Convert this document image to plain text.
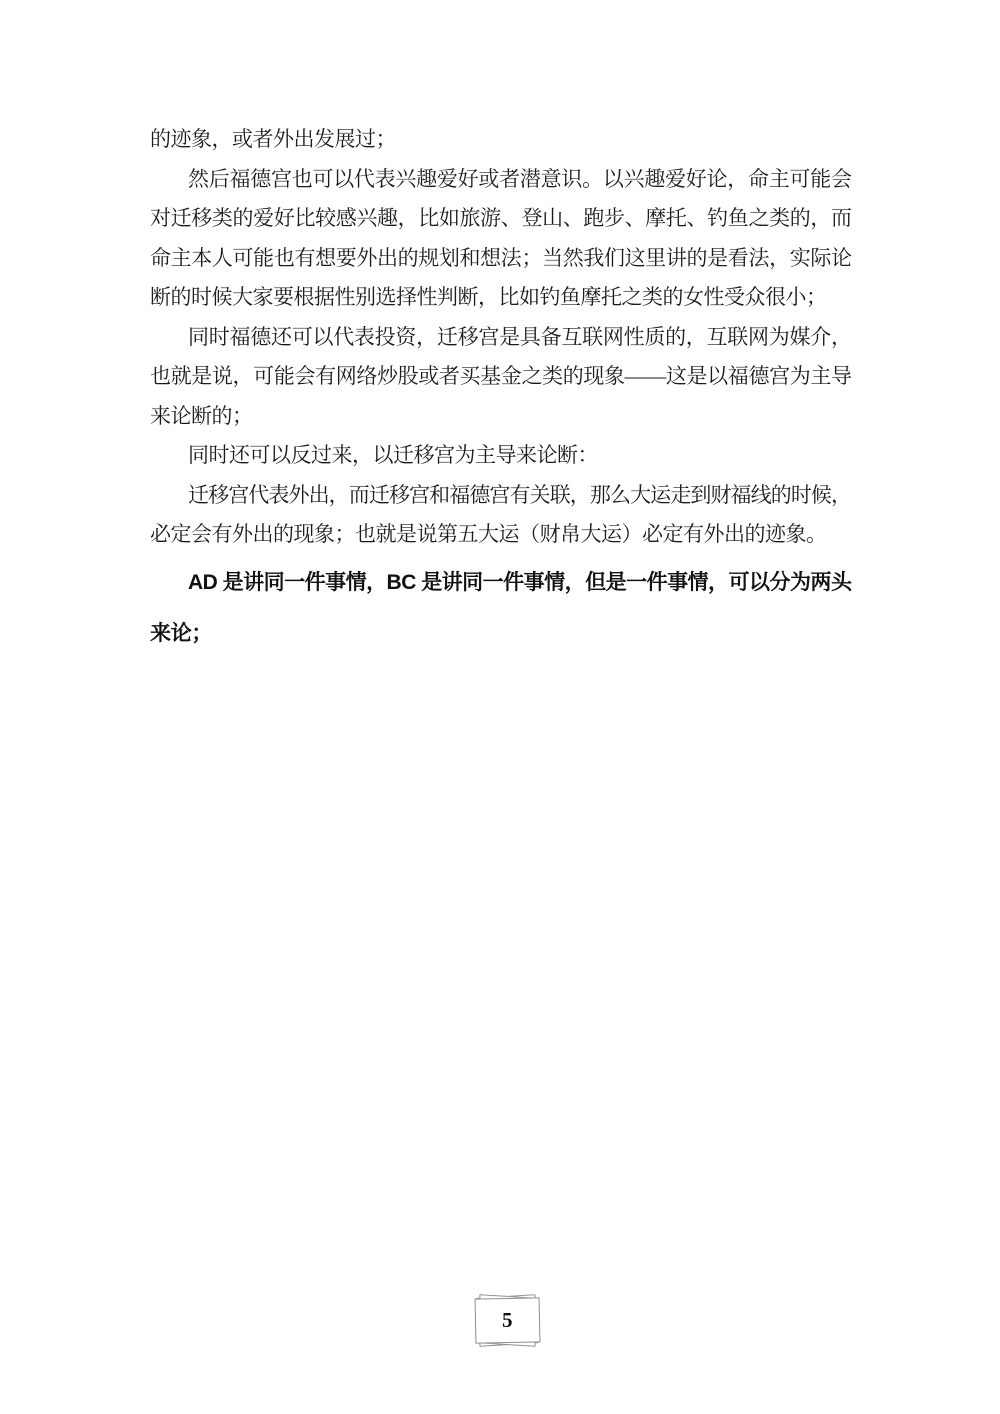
的迹象，或者外出发展过；
然后福德宫也可以代表兴趣爱好或者潜意识。以兴趣爱好论，命主可能会
对迁移类的爱好比较感兴趣，比如旅游、登山、跑步、摩托、钓鱼之类的，而
命主本人可能也有想要外出的规划和想法；当然我们这里讲的是看法，实际论
断的时候大家要根据性别选择性判断，比如钓鱼摩托之类的女性受众很小；
同时福德还可以代表投资，迁移宫是具备互联网性质的，互联网为媒介，
也就是说，可能会有网络炒股或者买基金之类的现象——这是以福德宫为主导
来论断的；
同时还可以反过来，以迁移宫为主导来论断：
迁移宫代表外出，而迁移宫和福德宫有关联，那么大运走到财福线的时候，
必定会有外出的现象；也就是说第五大运（财帛大运）必定有外出的迹象。
AD 是讲同一件事情，BC 是讲同一件事情，但是一件事情，可以分为两头
来论；
5
